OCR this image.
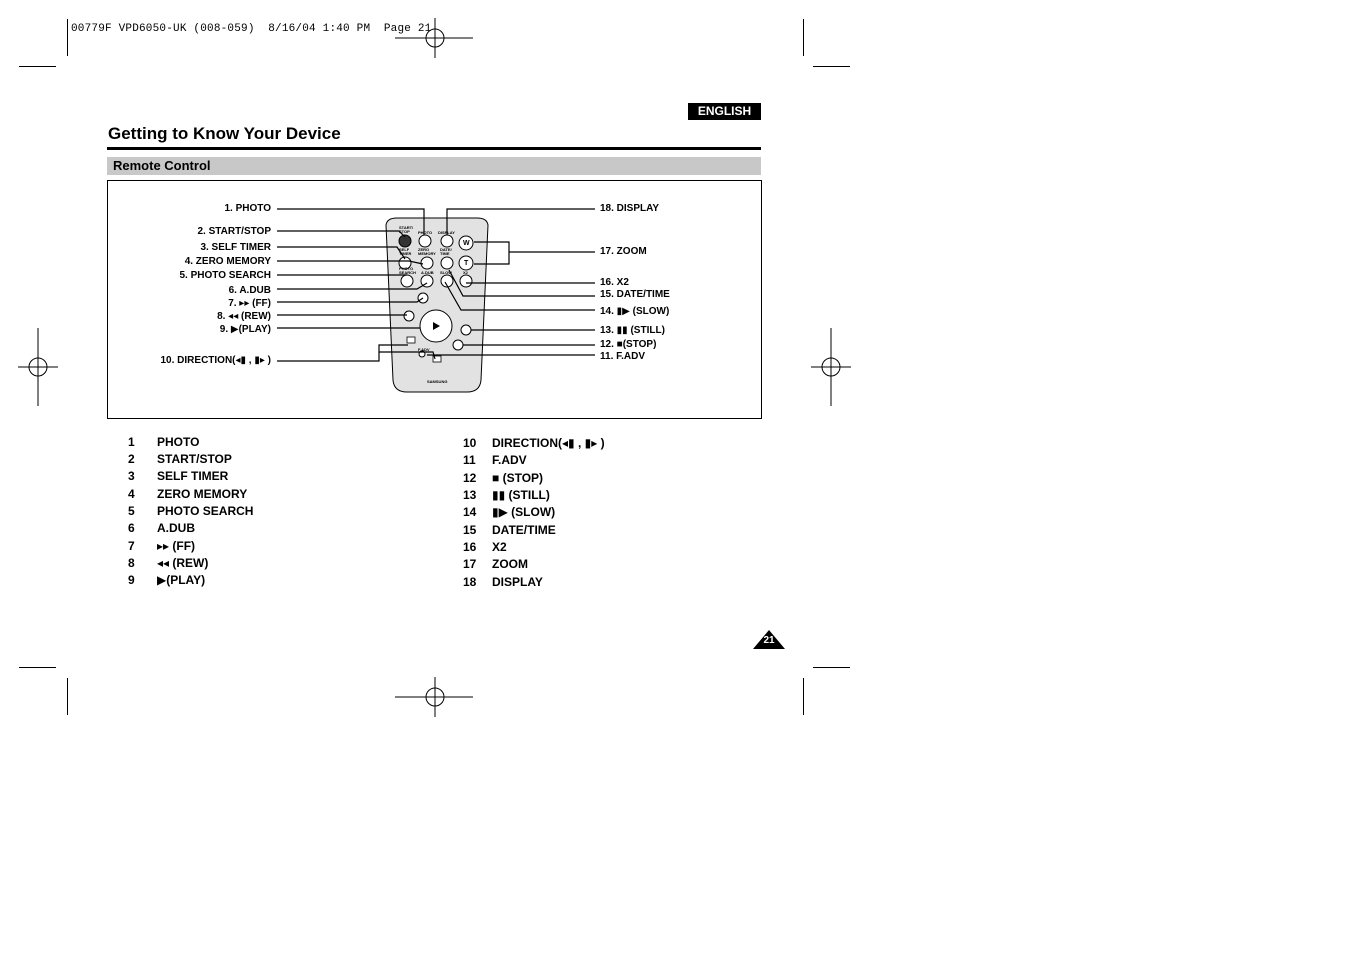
00779F VPD6050-UK (008-059)  8/16/04 1:40 PM  Page 21
ENGLISH
Getting to Know Your Device
Remote Control
START/ STOP	PHOTO DISPLAY
SELF TIMER
ZERO MEMORY
DATE/ TIME
PHOTO SEARCH A.DUB SLOW	X2
W
T
F.ADV
SAMSUNG
1. PHOTO
2. START/STOP
3. SELF TIMER
4. ZERO MEMORY
5. PHOTO SEARCH
6. A.DUB
7. ▸▸ (FF)
8. ◂◂ (REW)
9. ▶(PLAY)
10. DIRECTION(◂▮ , ▮▸ )
18. DISPLAY
17. ZOOM
16. X2
15. DATE/TIME
14. ▮▶ (SLOW)
13. ▮▮ (STILL)
12. ■(STOP)
11. F.ADV
1 PHOTO
2 START/STOP
3 SELF TIMER
4 ZERO MEMORY
5 PHOTO SEARCH
6 A.DUB
7 ▸▸ (FF)
8 ◂◂ (REW)
9 ▶(PLAY)
10 DIRECTION(◂▮ , ▮▸ )
11 F.ADV
12 ■ (STOP)
13 ▮▮ (STILL)
14 ▮▶ (SLOW)
15 DATE/TIME
16 X2
17 ZOOM
18 DISPLAY
21
